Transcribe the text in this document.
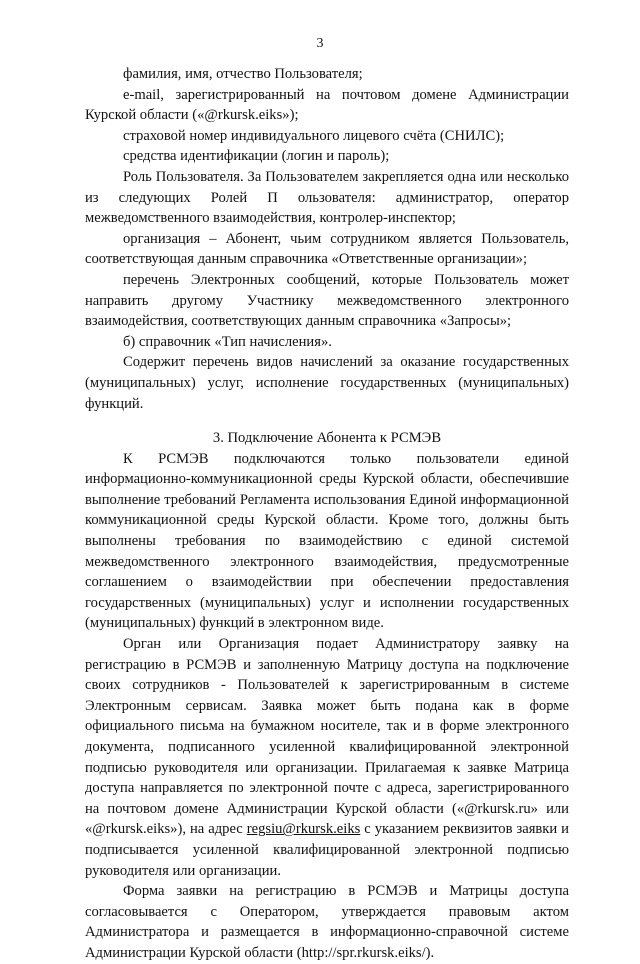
3

фамилия, имя, отчество Пользователя;

e-mail, зарегистрированный на почтовом домене Администрации Курской области («@rkursk.eiks»);

страховой номер индивидуального лицевого счёта (СНИЛС);

средства идентификации (логин и пароль);

Роль Пользователя. За Пользователем закрепляется одна или несколько из следующих Ролей П ользователя: администратор, оператор межведомственного взаимодействия, контролер-инспектор;

организация – Абонент, чьим сотрудником является Пользователь, соответствующая данным справочника «Ответственные организации»;

перечень Электронных сообщений, которые Пользователь может направить другому Участнику межведомственного электронного взаимодействия, соответствующих данным справочника «Запросы»;

б) справочник «Тип начисления».

Содержит перечень видов начислений за оказание государственных (муниципальных) услуг, исполнение государственных (муниципальных) функций.

3. Подключение Абонента к РСМЭВ

К РСМЭВ подключаются только пользователи единой информационно-коммуникационной среды Курской области, обеспечившие выполнение требований Регламента использования Единой информационной коммуникационной среды Курской области. Кроме того, должны быть выполнены требования по взаимодействию с единой системой межведомственного электронного взаимодействия, предусмотренные соглашением о взаимодействии при обеспечении предоставления государственных (муниципальных) услуг и исполнении государственных (муниципальных) функций в электронном виде.

Орган или Организация подает Администратору заявку на регистрацию в РСМЭВ и заполненную Матрицу доступа на подключение своих сотрудников - Пользователей к зарегистрированным в системе Электронным сервисам. Заявка может быть подана как в форме официального письма на бумажном носителе, так и в форме электронного документа, подписанного усиленной квалифицированной электронной подписью руководителя или организации. Прилагаемая к заявке Матрица доступа направляется по электронной почте с адреса, зарегистрированного на почтовом домене Администрации Курской области («@rkursk.ru» или «@rkursk.eiks»), на адрес regsiu@rkursk.eiks с указанием реквизитов заявки и подписывается усиленной квалифицированной электронной подписью руководителя или организации.

Форма заявки на регистрацию в РСМЭВ и Матрицы доступа согласовывается с Оператором, утверждается правовым актом Администратора и размещается в информационно-справочной системе Администрации Курской области (http://spr.rkursk.eiks/).
